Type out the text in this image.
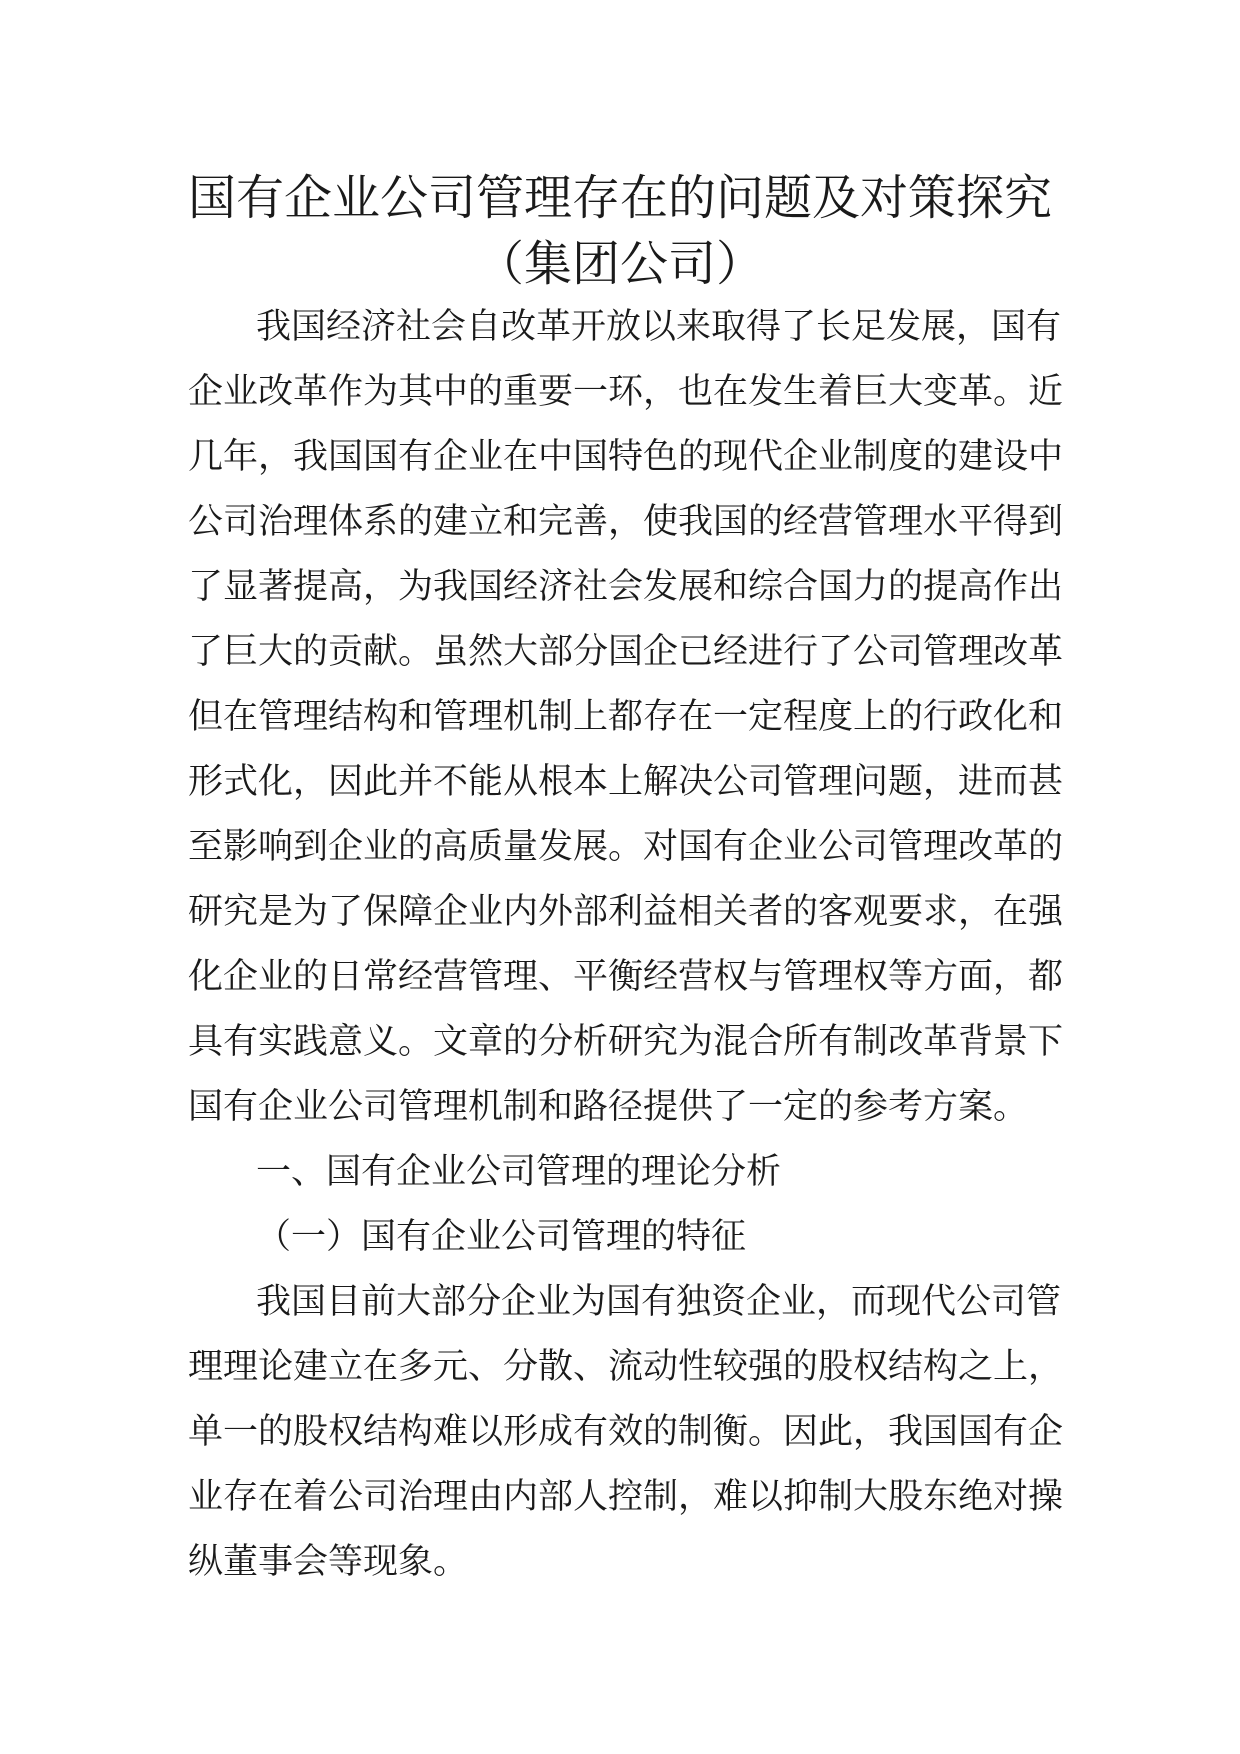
国有企业公司管理存在的问题及对策探究
（集团公司）
我国经济社会自改革开放以来取得了长足发展，国有
企业改革作为其中的重要一环，也在发生着巨大变革。近
几年，我国国有企业在中国特色的现代企业制度的建设中
公司治理体系的建立和完善，使我国的经营管理水平得到
了显著提高，为我国经济社会发展和综合国力的提高作出
了巨大的贡献。虽然大部分国企已经进行了公司管理改革
但在管理结构和管理机制上都存在一定程度上的行政化和
形式化，因此并不能从根本上解决公司管理问题，进而甚
至影响到企业的高质量发展。对国有企业公司管理改革的
研究是为了保障企业内外部利益相关者的客观要求，在强
化企业的日常经营管理、平衡经营权与管理权等方面，都
具有实践意义。文章的分析研究为混合所有制改革背景下
国有企业公司管理机制和路径提供了一定的参考方案。
一、国有企业公司管理的理论分析
（一）国有企业公司管理的特征
我国目前大部分企业为国有独资企业，而现代公司管
理理论建立在多元、分散、流动性较强的股权结构之上，
单一的股权结构难以形成有效的制衡。因此，我国国有企
业存在着公司治理由内部人控制，难以抑制大股东绝对操
纵董事会等现象。
